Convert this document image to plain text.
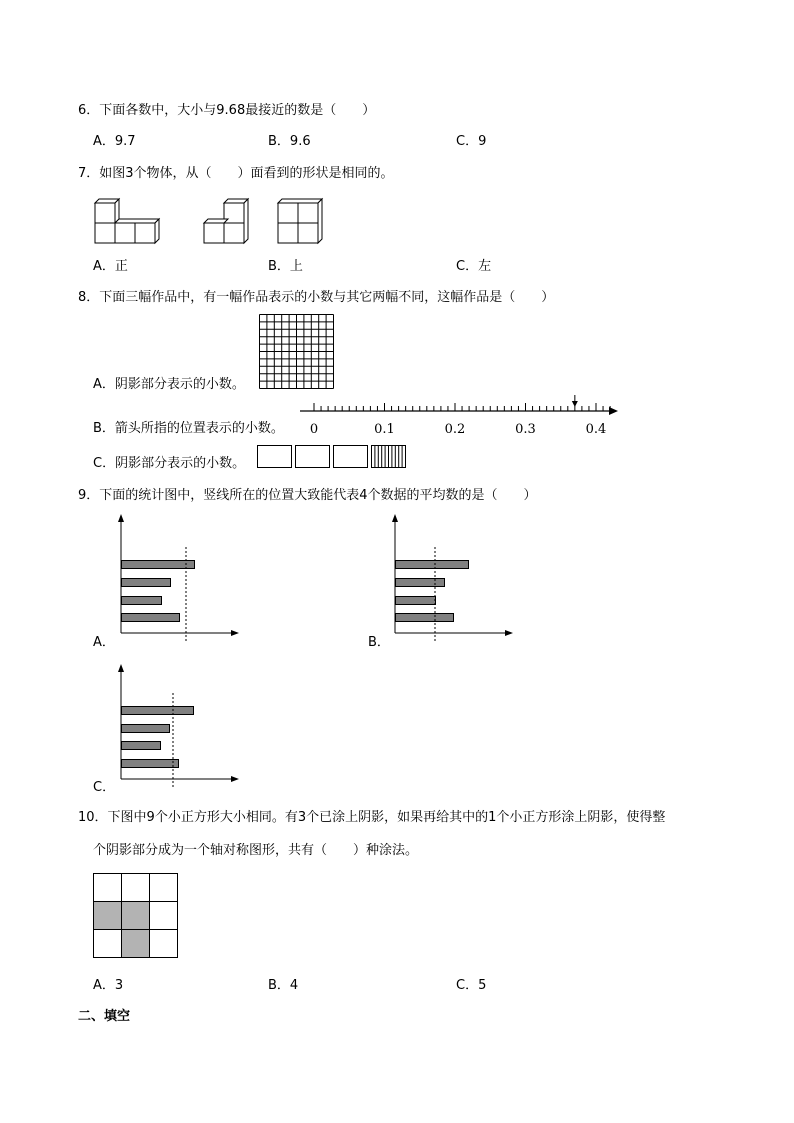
6．下面各数中，大小与9.68最接近的数是（　　）
A．9.7	B．9.6	C．9
7．如图3个物体，从（　　）面看到的形状是相同的。
A．正	B．上	C．左
8．下面三幅作品中，有一幅作品表示的小数与其它两幅不同，这幅作品是（　　）
A．阴影部分表示的小数。
B．箭头所指的位置表示的小数。 0	0.1	0.2	0.3	0.4
C．阴影部分表示的小数。
9．下面的统计图中，竖线所在的位置大致能代表4个数据的平均数的是（　　）
A．	B．
C．
10．下图中9个小正方形大小相同。有3个已涂上阴影，如果再给其中的1个小正方形涂上阴影，使得整
个阴影部分成为一个轴对称图形，共有（　　）种涂法。
A．3	B．4	C．5
二、填空
